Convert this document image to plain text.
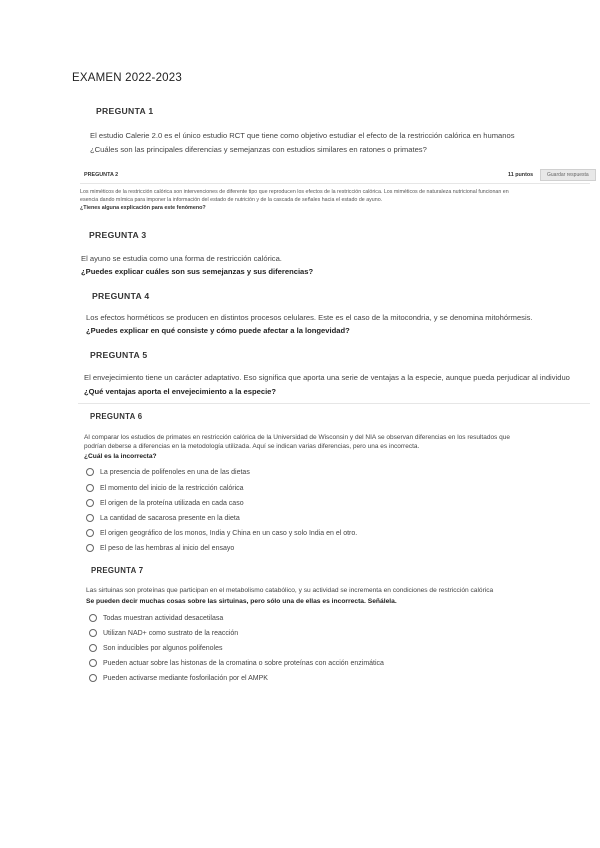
EXAMEN 2022-2023
PREGUNTA 1
El estudio Calerie 2.0 es el único estudio RCT que tiene como objetivo estudiar el efecto de la restricción calórica en humanos
¿Cuáles son las principales diferencias y semejanzas con estudios similares en ratones o primates?
PREGUNTA 2	11 puntos	Guardar respuesta
Los miméticos de la restricción calórica son intervenciones de diferente tipo que reproducen los efectos de la restricción calórica. Los miméticos de naturaleza nutricional funcionan en
esencia dando mímica para imponer la información del estado de nutrición y de la cascada de señales hacia el estado de ayuno.
¿Tienes alguna explicación para este fenómeno?
PREGUNTA 3
El ayuno se estudia como una forma de restricción calórica.
¿Puedes explicar cuáles son sus semejanzas y sus diferencias?
PREGUNTA 4
Los efectos horméticos se producen en distintos procesos celulares. Este es el caso de la mitocondria, y se denomina mitohórmesis.
¿Puedes explicar en qué consiste y cómo puede afectar a la longevidad?
PREGUNTA 5
El envejecimiento tiene un carácter adaptativo. Eso significa que aporta una serie de ventajas a la especie, aunque pueda perjudicar al individuo
¿Qué ventajas aporta el envejecimiento a la especie?
PREGUNTA 6
Al comparar los estudios de primates en restricción calórica de la Universidad de Wisconsin y del NIA se observan diferencias en los resultados que
podrían deberse a diferencias en la metodología utilizada. Aquí se indican varias diferencias, pero una es incorrecta.
¿Cuál es la incorrecta?
La presencia de polifenoles en una de las dietas
El momento del inicio de la restricción calórica
El origen de la proteína utilizada en cada caso
La cantidad de sacarosa presente en la dieta
El origen geográfico de los monos, India y China en un caso y solo India en el otro.
El peso de las hembras al inicio del ensayo
PREGUNTA 7
Las sirtuinas son proteínas que participan en el metabolismo catabólico, y su actividad se incrementa en condiciones de restricción calórica
Se pueden decir muchas cosas sobre las sirtuinas, pero sólo una de ellas es incorrecta. Señálela.
Todas muestran actividad desacetilasa
Utilizan NAD+ como sustrato de la reacción
Son inducibles por algunos polifenoles
Pueden actuar sobre las histonas de la cromatina o sobre proteínas con acción enzimática
Pueden activarse mediante fosforilación por el AMPK
